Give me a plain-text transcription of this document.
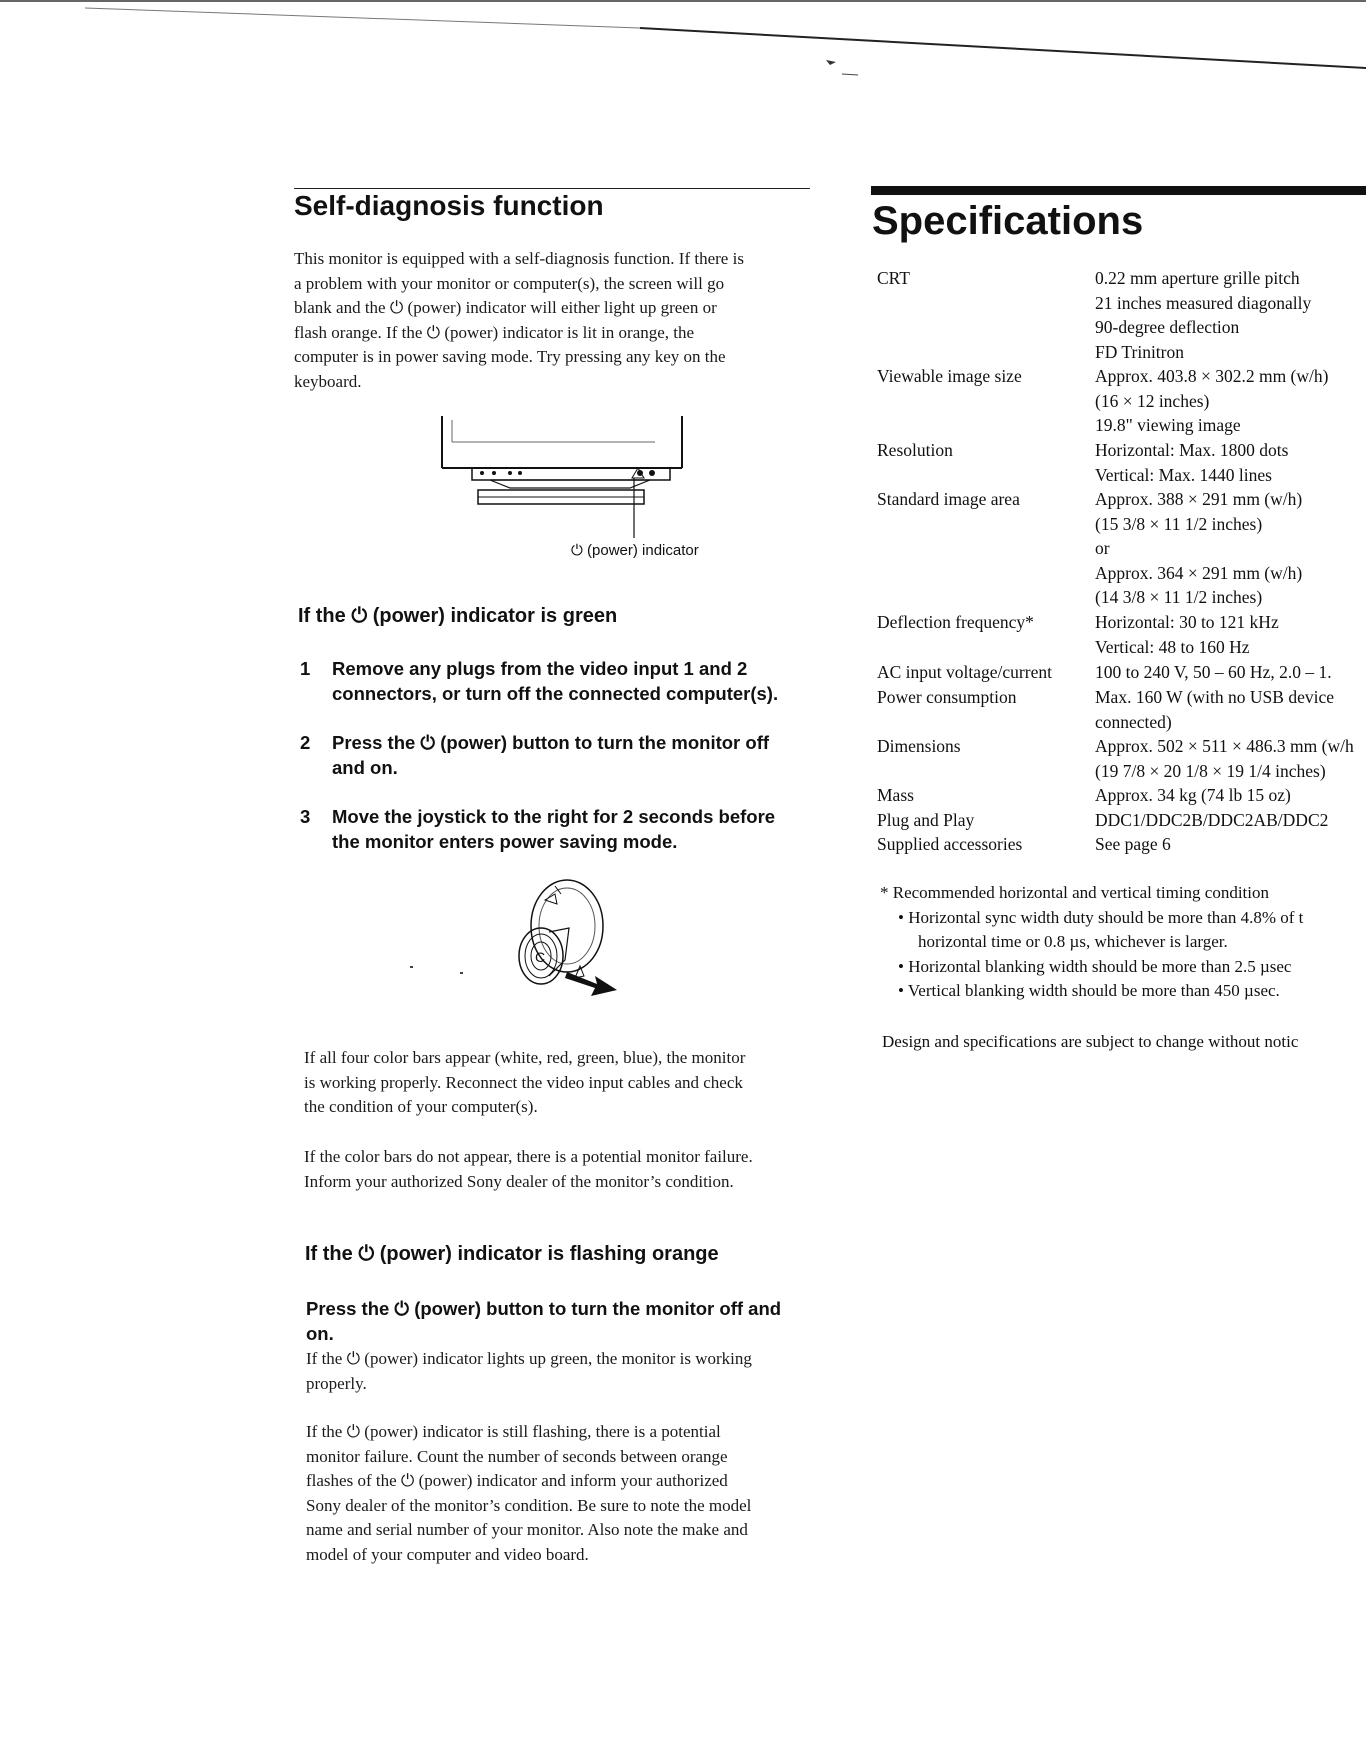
Self-diagnosis function
This monitor is equipped with a self-diagnosis function. If there is
a problem with your monitor or computer(s), the screen will go
blank and the ⏻ (power) indicator will either light up green or
flash orange. If the ⏻ (power) indicator is lit in orange, the
computer is in power saving mode. Try pressing any key on the
keyboard.
⏻ (power) indicator
If the ⏻ (power) indicator is green
1 Remove any plugs from the video input 1 and 2
connectors, or turn off the connected computer(s).
2 Press the ⏻ (power) button to turn the monitor off
and on.
3 Move the joystick to the right for 2 seconds before
the monitor enters power saving mode.
C
If all four color bars appear (white, red, green, blue), the monitor
is working properly. Reconnect the video input cables and check
the condition of your computer(s).
If the color bars do not appear, there is a potential monitor failure.
Inform your authorized Sony dealer of the monitor’s condition.
If the ⏻ (power) indicator is flashing orange
Press the ⏻ (power) button to turn the monitor off and
on.
If the ⏻ (power) indicator lights up green, the monitor is working
properly.
If the ⏻ (power) indicator is still flashing, there is a potential
monitor failure. Count the number of seconds between orange
flashes of the ⏻ (power) indicator and inform your authorized
Sony dealer of the monitor’s condition. Be sure to note the model
name and serial number of your monitor. Also note the make and
model of your computer and video board.
Specifications
CRT	0.22 mm aperture grille pitch
21 inches measured diagonally
90-degree deflection
FD Trinitron
Viewable image size	Approx. 403.8 × 302.2 mm (w/h)
(16 × 12 inches)
19.8" viewing image
Resolution	Horizontal: Max. 1800 dots
Vertical: Max. 1440 lines
Standard image area	Approx. 388 × 291 mm (w/h)
(15 3/8 × 11 1/2 inches)
or
Approx. 364 × 291 mm (w/h)
(14 3/8 × 11 1/2 inches)
Deflection frequency*	Horizontal: 30 to 121 kHz
Vertical: 48 to 160 Hz
AC input voltage/current	100 to 240 V, 50 – 60 Hz, 2.0 – 1.
Power consumption	Max. 160 W (with no USB device
connected)
Dimensions	Approx. 502 × 511 × 486.3 mm (w/h
(19 7/8 × 20 1/8 × 19 1/4 inches)
Mass	Approx. 34 kg (74 lb 15 oz)
Plug and Play	DDC1/DDC2B/DDC2AB/DDC2
Supplied accessories	See page 6
* Recommended horizontal and vertical timing condition
• Horizontal sync width duty should be more than 4.8% of t
horizontal time or 0.8 µs, whichever is larger.
• Horizontal blanking width should be more than 2.5 µsec
• Vertical blanking width should be more than 450 µsec.
Design and specifications are subject to change without notic
